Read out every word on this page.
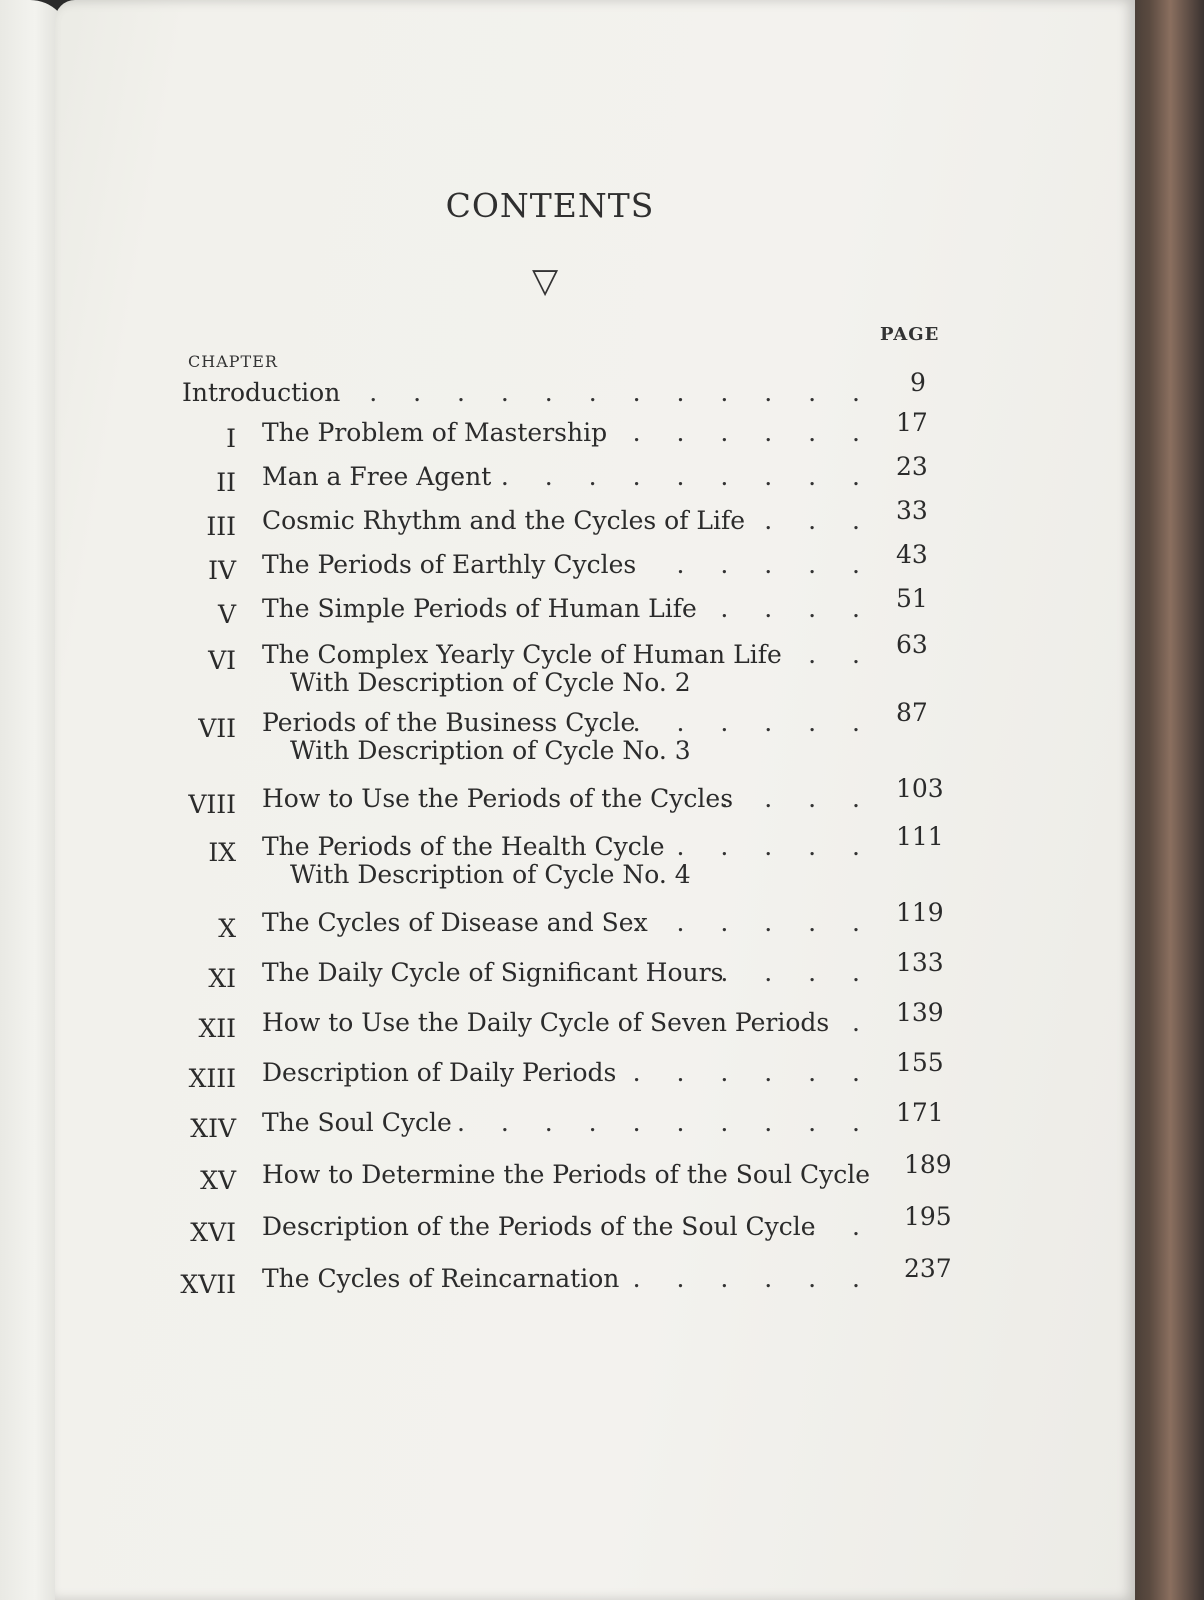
CONTENTS
▽
PAGE
CHAPTER
Introduction
. . . . . . . . . . . . . 9
I The Problem of Mastership . . . . . . 17
II Man a Free Agent
. . . . . . . . . . 23
III Cosmic Rhythm and the Cycles of Life . . . 33
IV The Periods of Earthly Cycles . . . . . 43
V The Simple Periods of Human Life . . . . 51
VI The Complex Yearly Cycle of Human Life
With Description of Cycle No. 2
. . 63
VII Periods of the Business Cycle
With Description of Cycle No. 3
. . . . . . . 87
VIII How to Use the Periods of the Cycles
. . . . 103
IX The Periods of the Health Cycle
With Description of Cycle No. 4
. . . . . 111
X The Cycles of Disease and Sex
. . . . . . 119
XI The Daily Cycle of Significant Hours
. . . . 133
XII How to Use the Daily Cycle of Seven Periods . 139
XIII Description of Daily Periods . . . . . . 155
XIV The Soul Cycle . . . . . . . . . . 171
XV How to Determine the Periods of the Soul Cycle 189
XVI Description of the Periods of the Soul Cycle
. . 195
XVII The Cycles of Reincarnation . . . . . . 237
